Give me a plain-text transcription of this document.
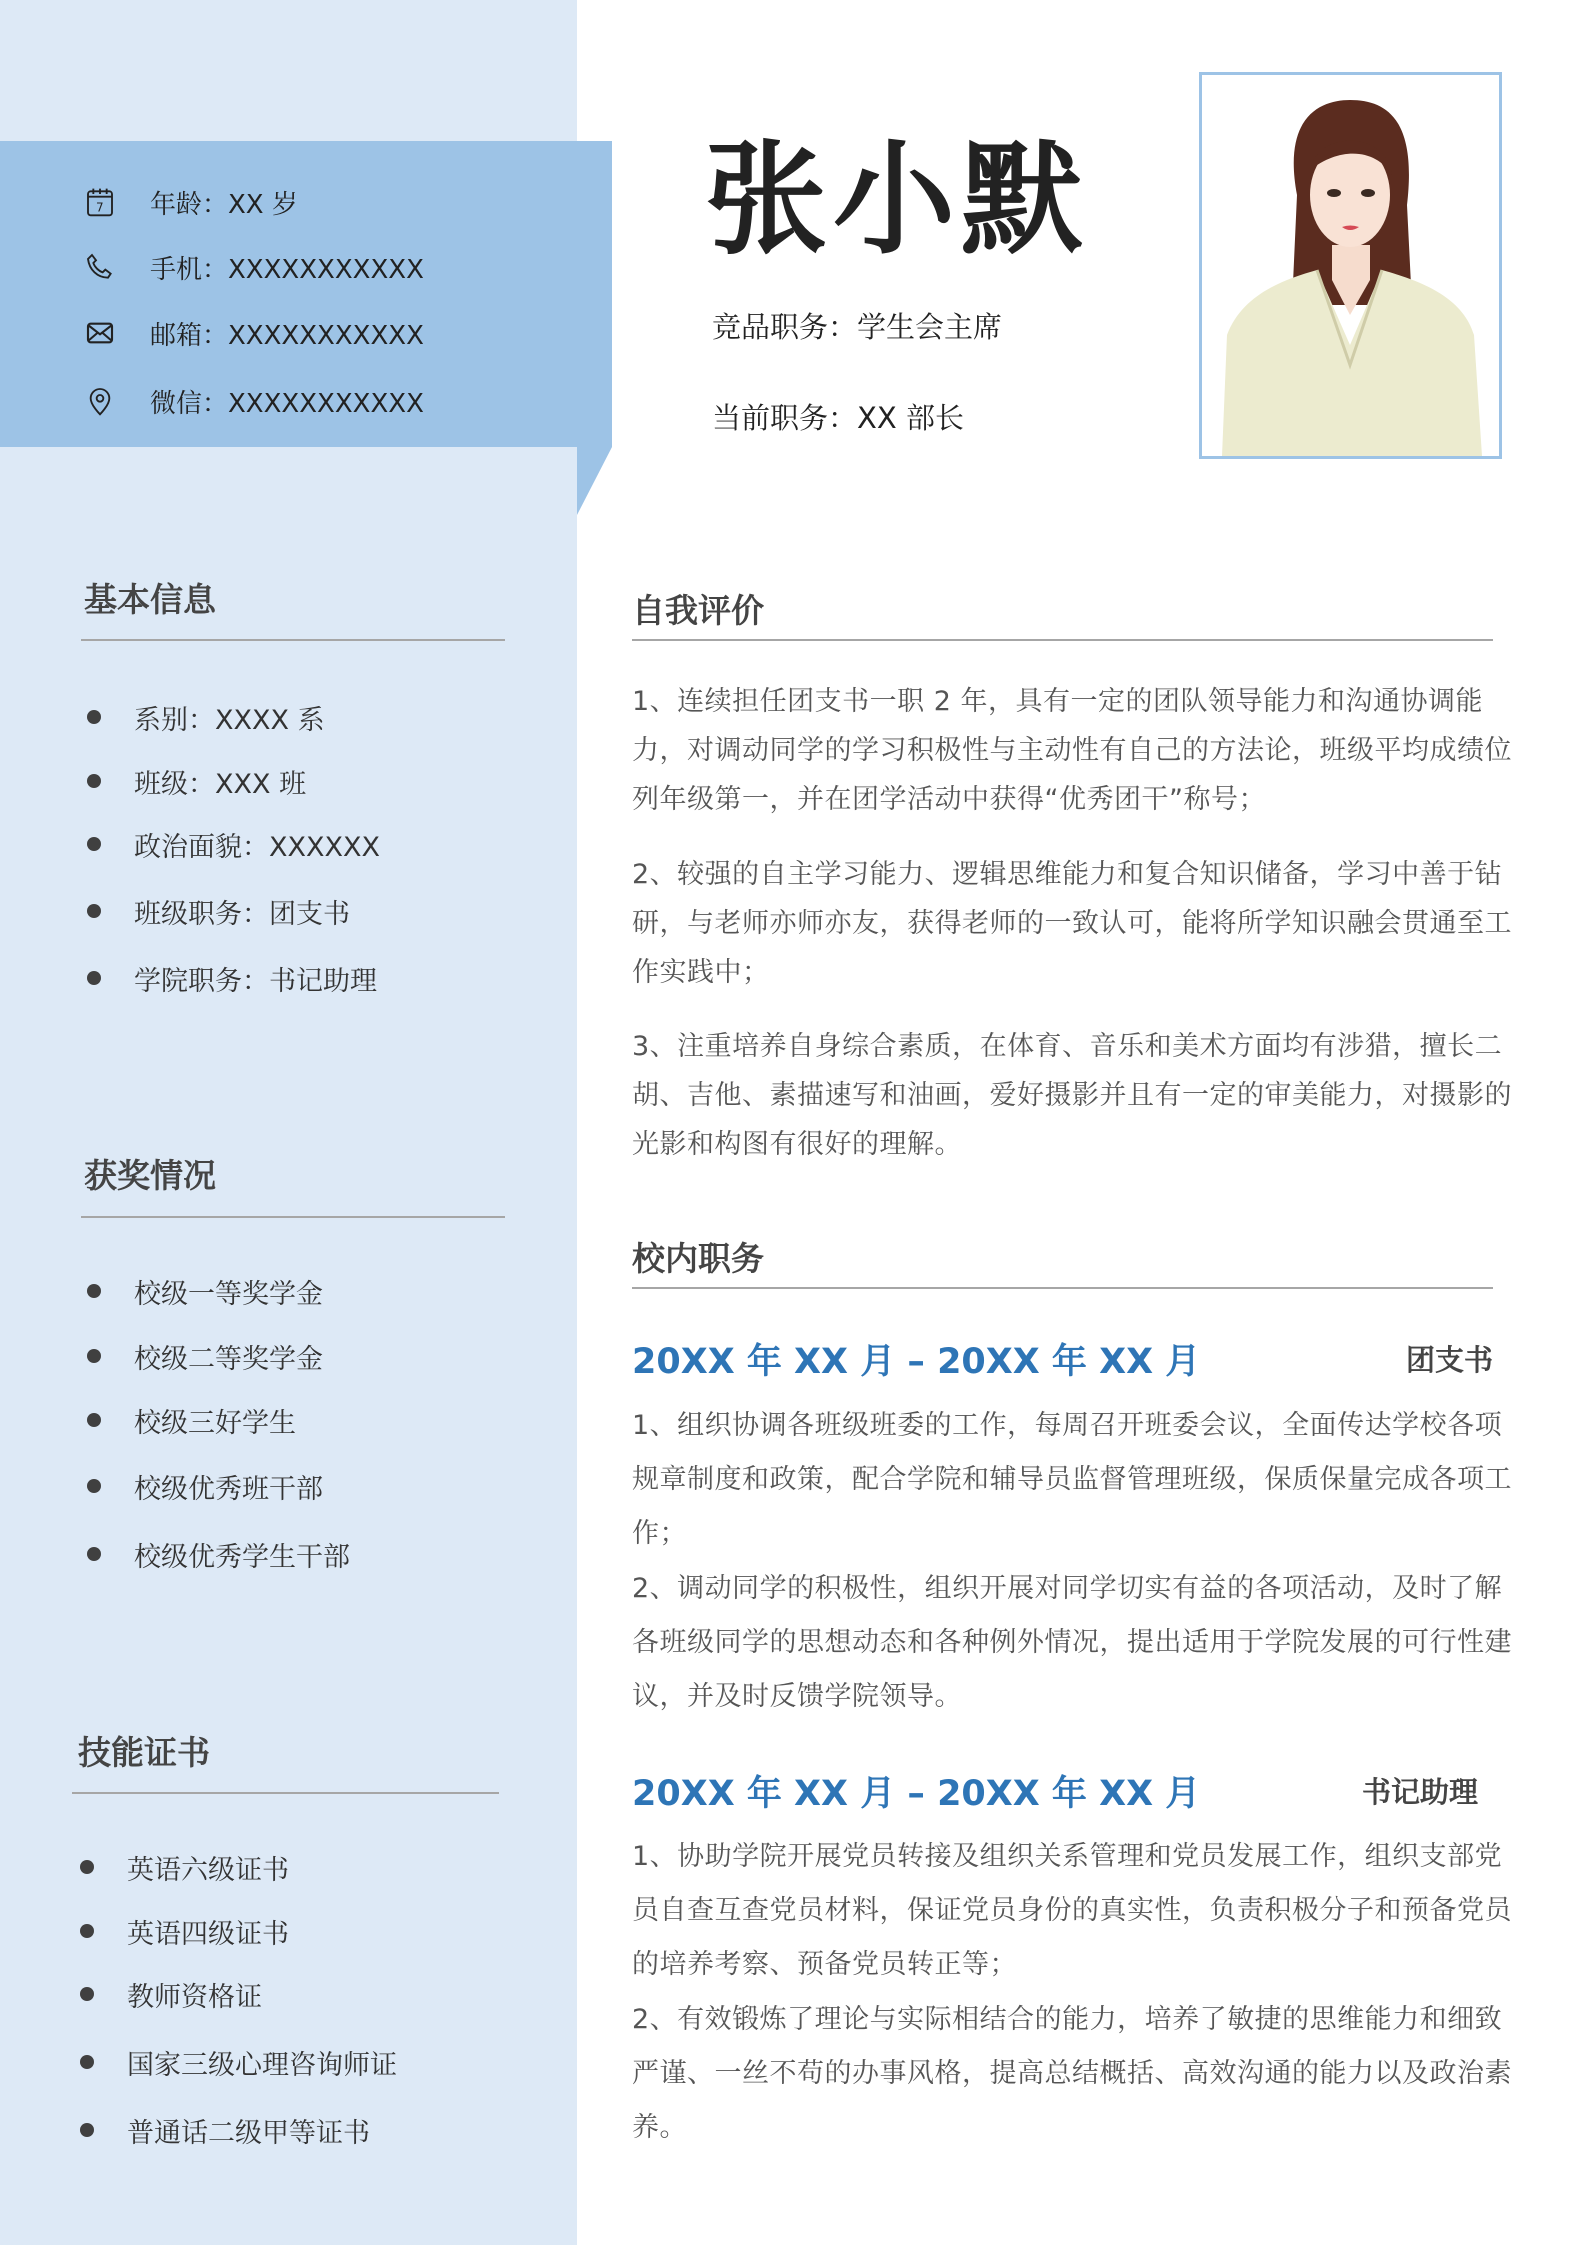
7 年龄：XX 岁
手机：XXXXXXXXXXX
邮箱：XXXXXXXXXXX
微信：XXXXXXXXXXX
基本信息
系别：XXXX 系
班级：XXX 班
政治面貌：XXXXXX
班级职务：团支书
学院职务：书记助理
获奖情况
校级一等奖学金
校级二等奖学金
校级三好学生
校级优秀班干部
校级优秀学生干部
技能证书
英语六级证书
英语四级证书
教师资格证
国家三级心理咨询师证
普通话二级甲等证书
张小默
竞品职务：学生会主席
当前职务：XX 部长
自我评价
1、连续担任团支书一职 2 年，具有一定的团队领导能力和沟通协调能力，对调动同学的学习积极性与主动性有自己的方法论，班级平均成绩位列年级第一，并在团学活动中获得“优秀团干”称号；
2、较强的自主学习能力、逻辑思维能力和复合知识储备，学习中善于钻研，与老师亦师亦友，获得老师的一致认可，能将所学知识融会贯通至工作实践中；
3、注重培养自身综合素质，在体育、音乐和美术方面均有涉猎，擅长二胡、吉他、素描速写和油画，爱好摄影并且有一定的审美能力，对摄影的光影和构图有很好的理解。
校内职务
20XX 年 XX 月 – 20XX 年 XX 月	团支书
1、组织协调各班级班委的工作，每周召开班委会议，全面传达学校各项规章制度和政策，配合学院和辅导员监督管理班级，保质保量完成各项工作；
2、调动同学的积极性，组织开展对同学切实有益的各项活动，及时了解各班级同学的思想动态和各种例外情况，提出适用于学院发展的可行性建议，并及时反馈学院领导。
20XX 年 XX 月 – 20XX 年 XX 月	书记助理
1、协助学院开展党员转接及组织关系管理和党员发展工作，组织支部党员自查互查党员材料，保证党员身份的真实性，负责积极分子和预备党员的培养考察、预备党员转正等；
2、有效锻炼了理论与实际相结合的能力，培养了敏捷的思维能力和细致严谨、一丝不苟的办事风格，提高总结概括、高效沟通的能力以及政治素养。
